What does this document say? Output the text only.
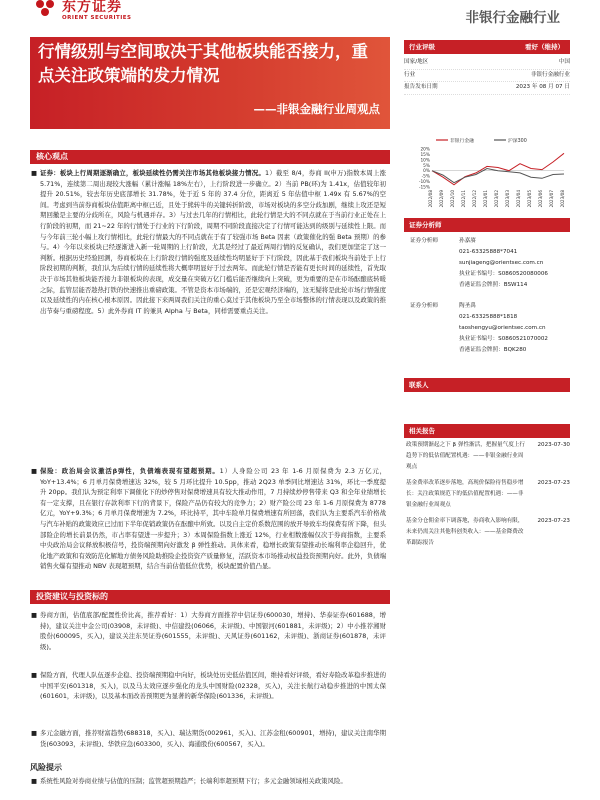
东方证券
ORIENT SECURITIES	非银行金融行业
行情级别与空间取决于其他板块能否接力，重点关注政策端的发力情况
——非银金融行业周观点
核心观点
■ 证券：板块上行周期逐渐确立，板块延续性仍需关注市场其他板块接力情况。1）截至 8/4，券商 II(申万)指数本周上涨 5.71%，连续第二周出现较大涨幅（累计涨幅 18%左右），上行阶段进一步确立。2）当前 PB(环)为 1.41x，估值较年初提升 20.51%，较去年历史底部增长 31.78%，处于近 5 年的 37.4 分位，距离近 5 年估值中枢 1.49x 有 5.67%的空间。考虑到当前券商板块估值距离中枢已近，且处于熊转牛的关键转折阶段，市场对板块的多空分歧加剧，继续上攻还是短期回撤是主要的分歧所在，风险与机遇并存。3）与过去几年的行情相比，此轮行情是大的不同点就在于当前行业正处在上行阶段的初期，而 21~22 年的行情处于行业的下行阶段，周期不同阶段直接决定了行情可能达到的级别与延续性上限。而与今年前三轮小幅上攻行情相比，此轮行情最大的不同点就在于有了较强市场 Beta 因素（政策催化的强 Beta 预期）的参与。4）今年以来板块已经逐渐进入新一轮周期的上行阶段，尤其是经过了最近两周行情的反复确认，我们更加坚定了这一判断。根据历史经验回测，券商板块在上行阶段行情的强度及延续性均明显好于下行阶段，因此基于我们板块当前处于上行阶段初期的判断，我们认为后续行情的延续性将大概率明显好于过去两年。而此轮行情是否能有更长时间的延续性，首先取决于市场其他板块能否接力非银板块的表现，成交量在突破万亿门槛后能否继续向上突破，更为重要的是在市场酝酿底转暖之际，监管层能否趁热打铁的快速推出重磅政策。不管是资本市场端的，还是宏观经济端的，这无疑将是此轮市场行情强度以及延续性的内在核心根本原因。因此接下来两周我们关注的重心莫过于其他板块乃至全市场整体的行情表现以及政策的推出节奏与重磅程度。5）此外券商 IT 的兼具 Alpha 与 Beta，同样需要重点关注。
■ 保险：政治局会议激活β弹性，负债端表现有望超预期。1）人身险公司 23 年 1-6 月原保费为 2.3 万亿元，YoY+13.4%；6 月单月保费增速达 32%，较 5 月环比提升 10.5pp，推动 2Q23 单季同比增速达 31%，环比一季度提升 20pp。我们认为预定利率下调催化下的炒停售对保费增速具有较大推动作用，7 月持续炒停售带来 Q3 和全年业绩增长有一定支撑，且在银行存款利率下行的背景下，保险产品仍有较大的竞争力；2）财产险公司 23 年 1-6 月原保费为 8778 亿元，YoY+9.3%；6 月单月保费增速为 7.2%，环比持平，其中车险单月保费增速有所回落，我们认为主要系汽车价格战与汽车补贴的政策效应已过而下半年促销政策仍在酝酿中所致。以及自主定价系数范围的放开导致车均保费有所下降，但头部险企的增长前景仍然，市占率有望进一步提升；3）本周保险指数上涨近 12%，行业相数涨幅仅次于券商指数，主要系中央政治局会议释放积极信号，投资端预期向好激发 β 弹性推动。具体来看，稳增长政策有望推动长端利率企稳回升，优化地产政策和有效防范化解地方债务风险助推险企投资资产质量修复，活跃资本市场推动权益投资预期向好。此外，负债端销售火爆有望推动 NBV 表现超预期，结合当前估值低位优势，板块配置价值凸显。
投资建议与投资标的
■ 券商方面，估值底部/配置性价比高，推荐看好：1）大券商方面推荐中信证券(600030，增持)、华泰证券(601688，增持)，建议关注中金公司(03908，未评级)、中信建投(06066，未评级)、中国银河(601881，未评级)；2）中小推荐湘财股份(600095，买入)，建议关注东吴证券(601555，未评级)、天风证券(601162，未评级)、浙商证券(601878，未评级)。
■ 保险方面，代理人队伍逐步企稳、投资端预期稳中向好，板块处历史低估值区间，维持看好评级，看好寿险改革稳步推进的中国平安(601318，买入)，以及马太效应逐步强化的龙头中国财险(02328，买入)，关注长航行动稳步推进的中国太保(601601，未评级)，以及基本面改善预期更为显著的新华保险(601336，未评级)。
■ 多元金融方面，推荐财富趋势(688318，买入)、瑞达期货(002961，买入)、江苏金租(600901，增持)，建议关注南华期货(603093，未评级)、华铁应急(603300，买入)、海通股份(600567，买入)。
风险提示
■ 系统性风险对券商业绩与估值的压制；监管超预期趋严；长端利率超预期下行；多元金融领域相关政策风险。
行业评级	看好（维持）
国家/地区	中国
行业	非银行金融行业
报告发布日期	2023 年 08 月 07 日
非银行金融	沪深300
20%
15%
10%
5%
0%
-5%
-10%
-15%
2022/08 2022/09 2022/10 2022/11 2022/12 2023/01 2023/02 2023/03 2023/04 2023/05 2023/06 2023/07 2023/08
证券分析师
证券分析师	孙嘉赓
021-63325888*7041
sunjiageng@orientsec.com.cn
执业证书编号：S0860520080006
香港证监会牌照：BSW114
证券分析师	陶圣禹
021-63325888*1818
taoshengyu@orientsec.com.cn
执业证书编号：S0860521070002
香港证监会牌照：BQK280
联系人
相关报告
政策预期渐起之下 β 弹性渐活，把握量气度上行趋势下的低估值配置机遇：——非银金融行业周观点
2023-07-30
基金费率改革逐步落地，高现价保险待售稳步增长：关注政策规范下的低估值配置机遇：——非银金融行业周观点
2023-07-23
基金分仓佣金率下调落地，券商收入影响有限，未来仍需关注其他科创类收入：——基金降费改革跟踪报告
2023-07-23
